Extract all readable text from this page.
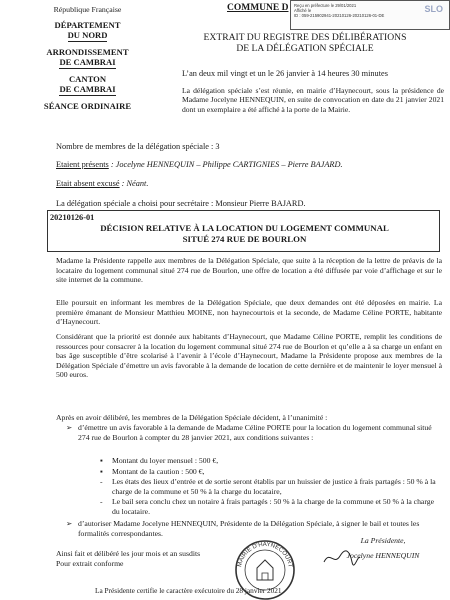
République Française
DÉPARTEMENT
DU NORD
ARRONDISSEMENT
DE CAMBRAI
CANTON
DE CAMBRAI
SÉANCE ORDINAIRE
COMMUNE D Reçu en préfecture le 29/01/2021
Affiché le
ID : 059-215902941-20210126-20210126-01-DE
SLO
EXTRAIT DU REGISTRE DES DÉLIBÉRATIONS
DE LA DÉLÉGATION SPÉCIALE
L’an deux mil vingt et un le 26 janvier à 14 heures 30 minutes
La délégation spéciale s’est réunie, en mairie d’Haynecourt, sous la présidence de Madame Jocelyne HENNEQUIN, en suite de convocation en date du 21 janvier 2021 dont un exemplaire a été affiché à la porte de la Mairie.
Nombre de membres de la délégation spéciale : 3
Etaient présents : Jocelyne HENNEQUIN – Philippe CARTIGNIES – Pierre BAJARD.
Etait absent excusé : Néant.
La délégation spéciale a choisi pour secrétaire : Monsieur Pierre BAJARD.
20210126-01
DÉCISION RELATIVE À LA LOCATION DU LOGEMENT COMMUNAL
SITUÉ 274 RUE DE BOURLON
Madame la Présidente rappelle aux membres de la Délégation Spéciale, que suite à la réception de la lettre de préavis de la locataire du logement communal situé 274 rue de Bourlon, une offre de location a été diffusée par voie d’affichage et sur le site internet de la commune.
Elle poursuit en informant les membres de la Délégation Spéciale, que deux demandes ont été déposées en mairie. La première émanant de Monsieur Matthieu MOINE, non haynecourtois et la seconde, de Madame Céline PORTE, habitante d’Haynecourt.
Considérant que la priorité est donnée aux habitants d’Haynecourt, que Madame Céline PORTE, remplit les conditions de ressources pour consacrer à la location du logement communal situé 274 rue de Bourlon et qu’elle a à sa charge un enfant en bas âge susceptible d’être scolarisé à l’avenir à l’école d’Haynecourt, Madame la Présidente propose aux membres de la Délégation Spéciale d’émettre un avis favorable à la demande de location de cette dernière et de maintenir le loyer mensuel à 500 euros.
Après en avoir délibéré, les membres de la Délégation Spéciale décident, à l’unanimité :
➢ d’émettre un avis favorable à la demande de Madame Céline PORTE pour la location du logement communal situé 274 rue de Bourlon à compter du 28 janvier 2021, aux conditions suivantes :
▪	Montant du loyer mensuel : 500 €,
▪	Montant de la caution : 500 €,
-	Les états des lieux d’entrée et de sortie seront établis par un huissier de justice à frais partagés : 50 % à la charge de la commune et 50 % à la charge du locataire,
-	Le bail sera conclu chez un notaire à frais partagés : 50 % à la charge de la commune et 50 % à la charge du locataire.
➢ d’autoriser Madame Jocelyne HENNEQUIN, Présidente de la Délégation Spéciale, à signer le bail et toutes les formalités correspondantes.
Ainsi fait et délibéré les jour mois et an susdits
Pour extrait conforme	MAIRIE D'HAYNECOURT
La Présidente,
Jocelyne HENNEQUIN
La Présidente certifie le caractère exécutoire du 28 janvier 2021
